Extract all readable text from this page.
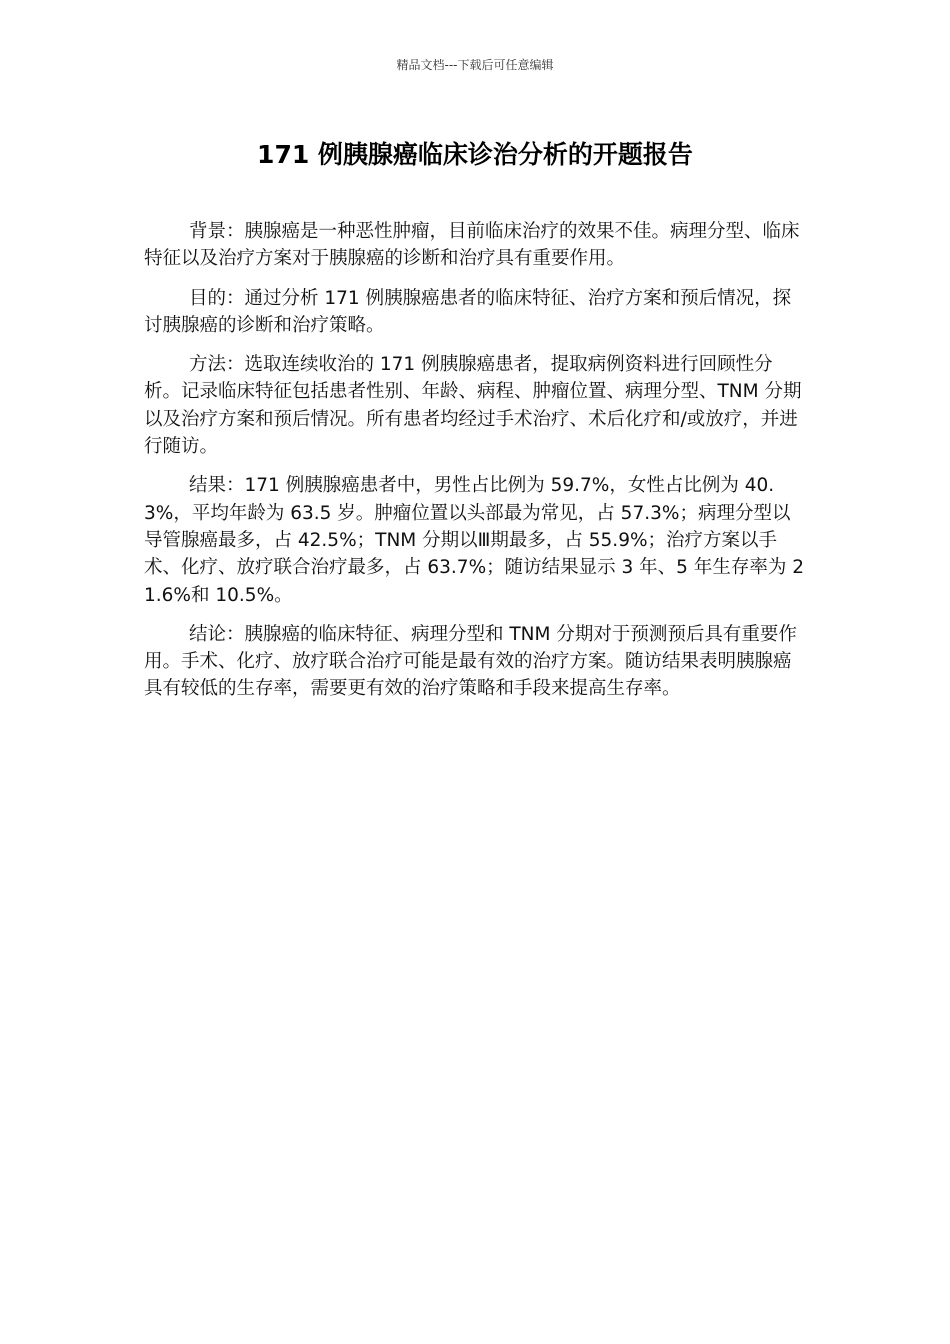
精品文档---下载后可任意编辑
171 例胰腺癌临床诊治分析的开题报告

背景：胰腺癌是一种恶性肿瘤，目前临床治疗的效果不佳。病理分型、临床特征以及治疗方案对于胰腺癌的诊断和治疗具有重要作用。

目的：通过分析 171 例胰腺癌患者的临床特征、治疗方案和预后情况，探讨胰腺癌的诊断和治疗策略。

方法：选取连续收治的 171 例胰腺癌患者，提取病例资料进行回顾性分析。记录临床特征包括患者性别、年龄、病程、肿瘤位置、病理分型、TNM 分期以及治疗方案和预后情况。所有患者均经过手术治疗、术后化疗和/或放疗，并进行随访。

结果：171 例胰腺癌患者中，男性占比例为 59.7%，女性占比例为 40.3%，平均年龄为 63.5 岁。肿瘤位置以头部最为常见，占 57.3%；病理分型以导管腺癌最多，占 42.5%；TNM 分期以Ⅲ期最多，占 55.9%；治疗方案以手术、化疗、放疗联合治疗最多，占 63.7%；随访结果显示 3 年、5 年生存率为 21.6%和 10.5%。

结论：胰腺癌的临床特征、病理分型和 TNM 分期对于预测预后具有重要作用。手术、化疗、放疗联合治疗可能是最有效的治疗方案。随访结果表明胰腺癌具有较低的生存率，需要更有效的治疗策略和手段来提高生存率。
